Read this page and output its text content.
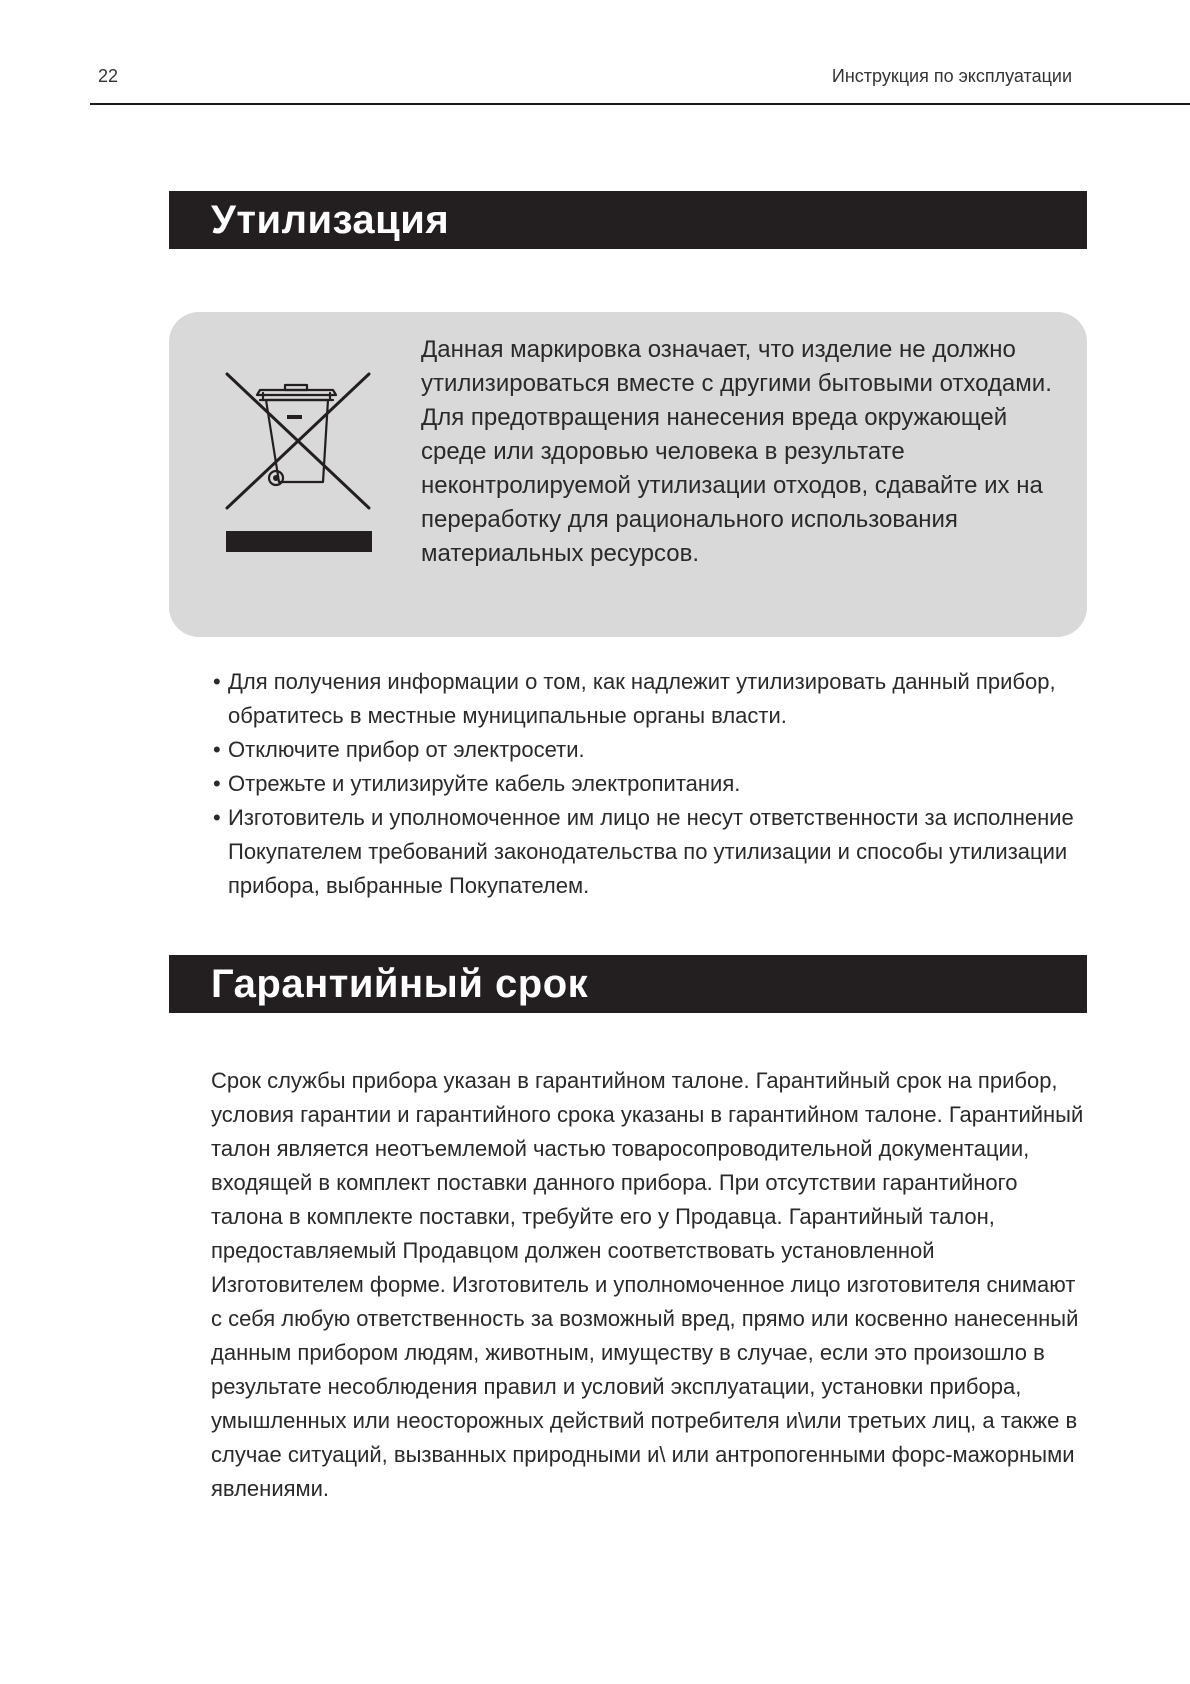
22	Инструкция по эксплуатации
Утилизация

Данная маркировка означает, что изделие не должно утилизироваться вместе с другими бытовыми отходами. Для предотвращения нанесения вреда окружающей среде или здоровью человека в результате неконтролируемой утилизации отходов, сдавайте их на переработку для рационального использования материальных ресурсов.

• Для получения информации о том, как надлежит утилизировать данный прибор, обратитесь в местные муниципальные органы власти.
• Отключите прибор от электросети.
• Отрежьте и утилизируйте кабель электропитания.
• Изготовитель и уполномоченное им лицо не несут ответственности за исполнение Покупателем требований законодательства по утилизации и способы утилизации прибора, выбранные Покупателем.
Гарантийный срок

Срок службы прибора указан в гарантийном талоне. Гарантийный срок на прибор, условия гарантии и гарантийного срока указаны в гарантийном талоне. Гарантийный талон является неотъемлемой частью товаросопроводительной документации, входящей в комплект поставки данного прибора. При отсутствии гарантийного талона в комплекте поставки, требуйте его у Продавца. Гарантийный талон, предоставляемый Продавцом должен соответствовать установленной Изготовителем форме. Изготовитель и уполномоченное лицо изготовителя снимают с себя любую ответственность за возможный вред, прямо или косвенно нанесенный данным прибором людям, животным, имуществу в случае, если это произошло в результате несоблюдения правил и условий эксплуатации, установки прибора, умышленных или неосторожных действий потребителя и\или третьих лиц, а также в случае ситуаций, вызванных природными и\ или антропогенными форс-мажорными явлениями.
